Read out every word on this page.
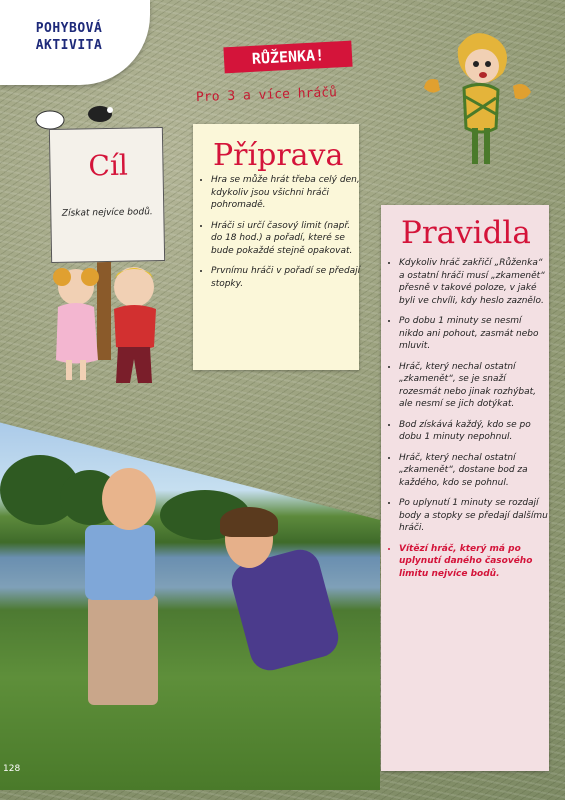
POHYBOVÁ
AKTIVITA
RŮŽENKA!
Pro 3 a více hráčů
Cíl
Získat nejvíce bodů.
Příprava
• Hra se může hrát třeba celý den, kdykoliv jsou všichni hráči pohromadě.
• Hráči si určí časový limit (např. do 18 hod.) a pořadí, které se bude pokaždé stejně opakovat.
• Prvnímu hráči v pořadí se předají stopky.
Pravidla
• Kdykoliv hráč zakřičí „Růženka“ a ostatní hráči musí „zkamenět“ přesně v takové poloze, v jaké byli ve chvíli, kdy heslo zaznělo.
• Po dobu 1 minuty se nesmí nikdo ani pohout, zasmát nebo mluvit.
• Hráč, který nechal ostatní „zkamenět“, se je snaží rozesmát nebo jinak rozhýbat, ale nesmí se jich dotýkat.
• Bod získává každý, kdo se po dobu 1 minuty nepohnul.
• Hráč, který nechal ostatní „zkamenět“, dostane bod za každého, kdo se pohnul.
• Po uplynutí 1 minuty se rozdají body a stopky se předají dalšímu hráči.
• Vítězí hráč, který má po uplynutí daného časového limitu nejvíce bodů.
128
